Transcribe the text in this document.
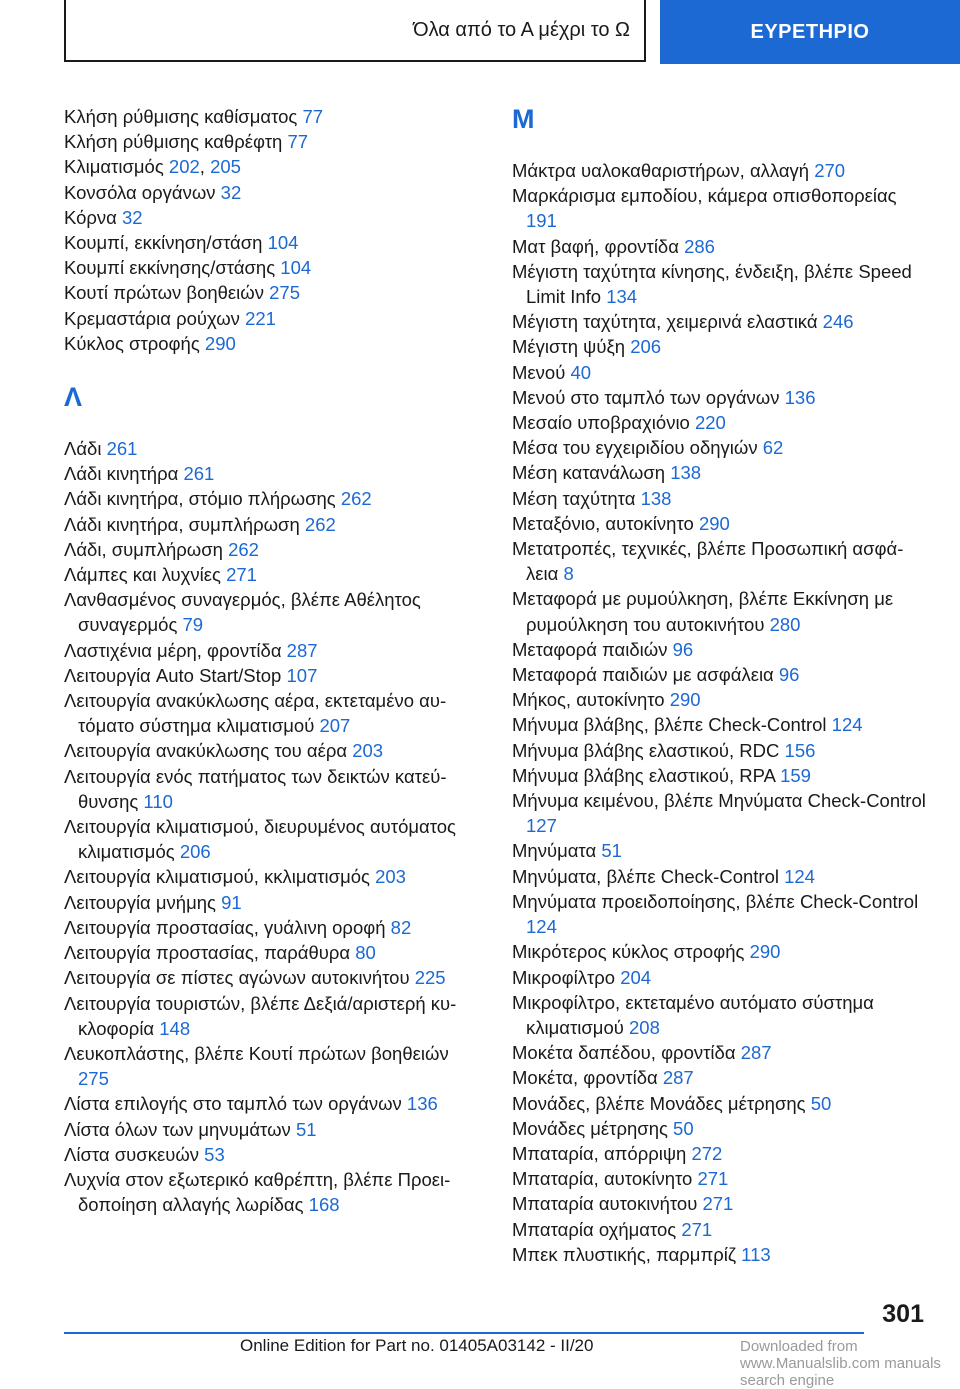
Όλα από το Α μέχρι το Ω	ΕΥΡΕΤΗΡΙΟ
Κλήση ρύθμισης καθίσματος 77
Κλήση ρύθμισης καθρέφτη 77
Κλιματισμός 202, 205
Κονσόλα οργάνων 32
Κόρνα 32
Κουμπί, εκκίνηση/στάση 104
Κουμπί εκκίνησης/στάσης 104
Κουτί πρώτων βοηθειών 275
Κρεμαστάρια ρούχων 221
Κύκλος στροφής 290
Λ
Λάδι 261
Λάδι κινητήρα 261
Λάδι κινητήρα, στόμιο πλήρωσης 262
Λάδι κινητήρα, συμπλήρωση 262
Λάδι, συμπλήρωση 262
Λάμπες και λυχνίες 271
Λανθασμένος συναγερμός, βλέπε Αθέλητος συναγερμός 79
Λαστιχένια μέρη, φροντίδα 287
Λειτουργία Auto Start/Stop 107
Λειτουργία ανακύκλωσης αέρα, εκτεταμένο αυτόματο σύστημα κλιματισμού 207
Λειτουργία ανακύκλωσης του αέρα 203
Λειτουργία ενός πατήματος των δεικτών κατεύθυνσης 110
Λειτουργία κλιματισμού, διευρυμένος αυτόματος κλιματισμός 206
Λειτουργία κλιματισμού, κκλιματισμός 203
Λειτουργία μνήμης 91
Λειτουργία προστασίας, γυάλινη οροφή 82
Λειτουργία προστασίας, παράθυρα 80
Λειτουργία σε πίστες αγώνων αυτοκινήτου 225
Λειτουργία τουριστών, βλέπε Δεξιά/αριστερή κυκλοφορία 148
Λευκοπλάστης, βλέπε Κουτί πρώτων βοηθειών 275
Λίστα επιλογής στο ταμπλό των οργάνων 136
Λίστα όλων των μηνυμάτων 51
Λίστα συσκευών 53
Λυχνία στον εξωτερικό καθρέπτη, βλέπε Προειδοποίηση αλλαγής λωρίδας 168
Μ
Μάκτρα υαλοκαθαριστήρων, αλλαγή 270
Μαρκάρισμα εμποδίου, κάμερα οπισθοπορείας 191
Ματ βαφή, φροντίδα 286
Μέγιστη ταχύτητα κίνησης, ένδειξη, βλέπε Speed Limit Info 134
Μέγιστη ταχύτητα, χειμερινά ελαστικά 246
Μέγιστη ψύξη 206
Μενού 40
Μενού στο ταμπλό των οργάνων 136
Μεσαίο υποβραχιόνιο 220
Μέσα του εγχειριδίου οδηγιών 62
Μέση κατανάλωση 138
Μέση ταχύτητα 138
Μεταξόνιο, αυτοκίνητο 290
Μετατροπές, τεχνικές, βλέπε Προσωπική ασφάλεια 8
Μεταφορά με ρυμούλκηση, βλέπε Εκκίνηση με ρυμούλκηση του αυτοκινήτου 280
Μεταφορά παιδιών 96
Μεταφορά παιδιών με ασφάλεια 96
Μήκος, αυτοκίνητο 290
Μήνυμα βλάβης, βλέπε Check-Control 124
Μήνυμα βλάβης ελαστικού, RDC 156
Μήνυμα βλάβης ελαστικού, RPA 159
Μήνυμα κειμένου, βλέπε Μηνύματα Check-Control 127
Μηνύματα 51
Μηνύματα, βλέπε Check-Control 124
Μηνύματα προειδοποίησης, βλέπε Check-Control 124
Μικρότερος κύκλος στροφής 290
Μικροφίλτρο 204
Μικροφίλτρο, εκτεταμένο αυτόματο σύστημα κλιματισμού 208
Μοκέτα δαπέδου, φροντίδα 287
Μοκέτα, φροντίδα 287
Μονάδες, βλέπε Μονάδες μέτρησης 50
Μονάδες μέτρησης 50
Μπαταρία, απόρριψη 272
Μπαταρία, αυτοκίνητο 271
Μπαταρία αυτοκινήτου 271
Μπαταρία οχήματος 271
Μπεκ πλυστικής, παρμπρίζ 113
301
Online Edition for Part no. 01405A03142 - II/20	Downloaded from www.Manualslib.com manuals search engine
